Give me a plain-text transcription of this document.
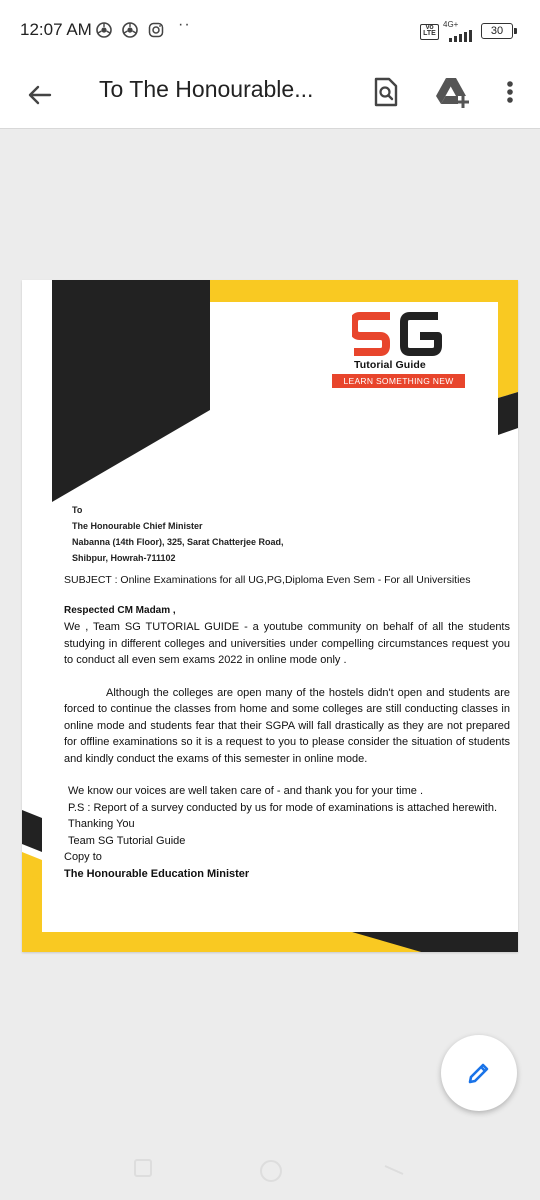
12:07 AM	··	Vo LTE
4G+
30
To The Honourable...
Tutorial Guide
LEARN SOMETHING NEW
To
The Honourable Chief Minister
Nabanna (14th Floor), 325, Sarat Chatterjee Road,
Shibpur, Howrah-711102
SUBJECT : Online Examinations for all UG,PG,Diploma Even Sem - For all Universities
Respected CM Madam ,
We , Team SG TUTORIAL GUIDE - a youtube community on behalf of all the students studying in different colleges and universities under compelling circumstances request you to conduct all even sem exams 2022 in online mode only .
Although the colleges are open many of the hostels didn't open and students are forced to continue the classes from home and some colleges are still conducting classes in online mode and students fear that their SGPA will fall drastically as they are not prepared for offline examinations so it is a request to you to please consider the situation of students and kindly conduct the exams of this semester in online mode.
We know our voices are well taken care of - and thank you for your time .
P.S : Report of a survey conducted by us for mode of examinations is attached herewith.
Thanking You
Team SG Tutorial Guide
Copy to
The Honourable Education Minister
